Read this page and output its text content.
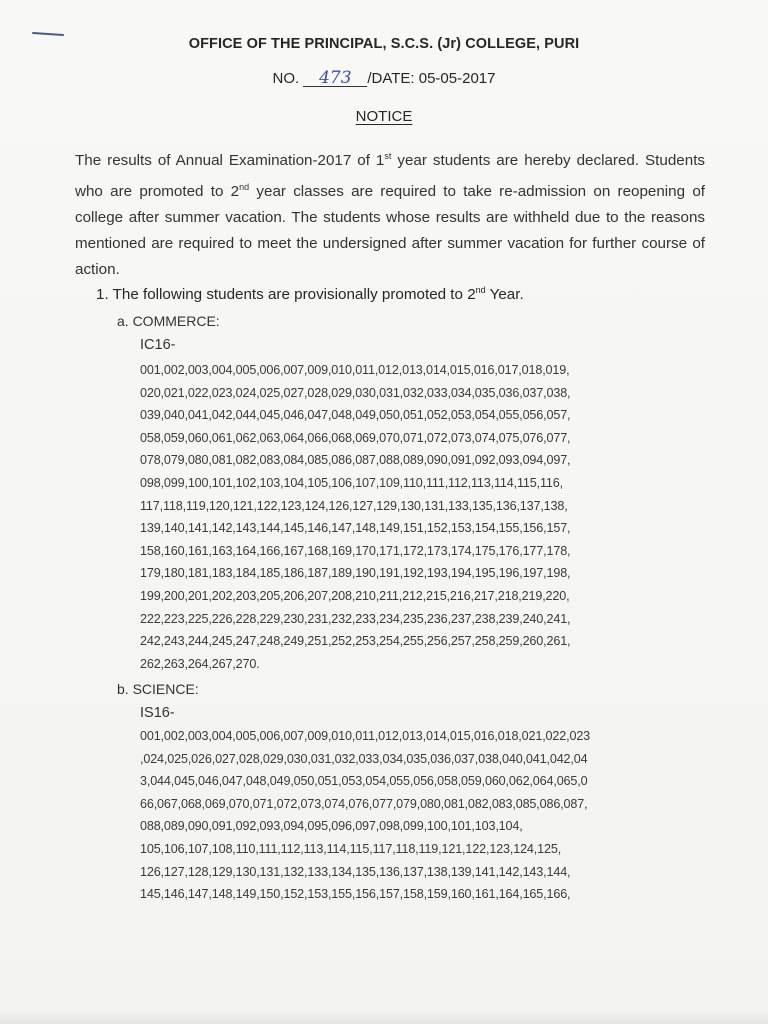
OFFICE OF THE PRINCIPAL, S.C.S. (Jr) COLLEGE, PURI
NO. 473 /DATE: 05-05-2017
NOTICE
The results of Annual Examination-2017 of 1st year students are hereby declared. Students who are promoted to 2nd year classes are required to take re-admission on reopening of college after summer vacation. The students whose results are withheld due to the reasons mentioned are required to meet the undersigned after summer vacation for further course of action.
1. The following students are provisionally promoted to 2nd Year.
a. COMMERCE:
IC16-
001,002,003,004,005,006,007,009,010,011,012,013,014,015,016,017,018,019,
020,021,022,023,024,025,027,028,029,030,031,032,033,034,035,036,037,038,
039,040,041,042,044,045,046,047,048,049,050,051,052,053,054,055,056,057,
058,059,060,061,062,063,064,066,068,069,070,071,072,073,074,075,076,077,
078,079,080,081,082,083,084,085,086,087,088,089,090,091,092,093,094,097,
098,099,100,101,102,103,104,105,106,107,109,110,111,112,113,114,115,116,
117,118,119,120,121,122,123,124,126,127,129,130,131,133,135,136,137,138,
139,140,141,142,143,144,145,146,147,148,149,151,152,153,154,155,156,157,
158,160,161,163,164,166,167,168,169,170,171,172,173,174,175,176,177,178,
179,180,181,183,184,185,186,187,189,190,191,192,193,194,195,196,197,198,
199,200,201,202,203,205,206,207,208,210,211,212,215,216,217,218,219,220,
222,223,225,226,228,229,230,231,232,233,234,235,236,237,238,239,240,241,
242,243,244,245,247,248,249,251,252,253,254,255,256,257,258,259,260,261,
262,263,264,267,270.
b. SCIENCE:
IS16-
001,002,003,004,005,006,007,009,010,011,012,013,014,015,016,018,021,022,023
,024,025,026,027,028,029,030,031,032,033,034,035,036,037,038,040,041,042,04
3,044,045,046,047,048,049,050,051,053,054,055,056,058,059,060,062,064,065,0
66,067,068,069,070,071,072,073,074,076,077,079,080,081,082,083,085,086,087,
088,089,090,091,092,093,094,095,096,097,098,099,100,101,103,104,
105,106,107,108,110,111,112,113,114,115,117,118,119,121,122,123,124,125,
126,127,128,129,130,131,132,133,134,135,136,137,138,139,141,142,143,144,
145,146,147,148,149,150,152,153,155,156,157,158,159,160,161,164,165,166,
